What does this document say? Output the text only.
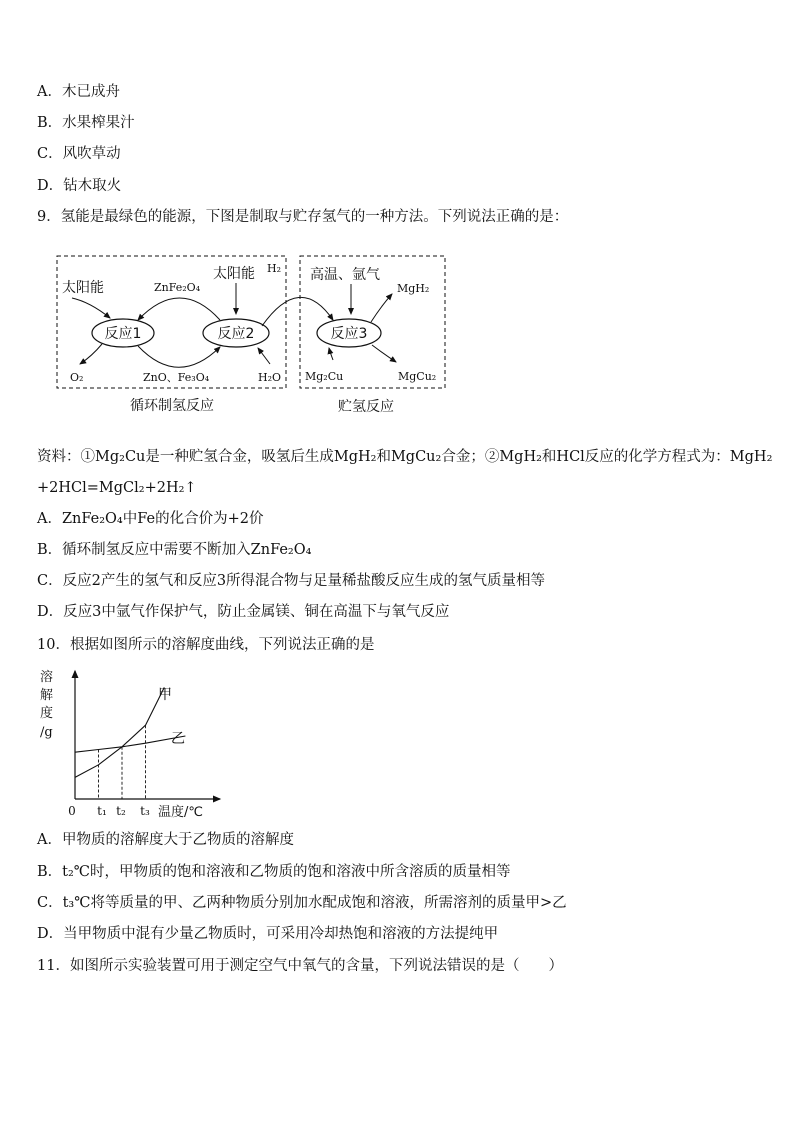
A．木已成舟
B．水果榨果汁
C．风吹草动
D．钻木取火
9．氢能是最绿色的能源，下图是制取与贮存氢气的一种方法。下列说法正确的是：
反应1	反应2	反应3
太阳能	ZnFe₂O₄
太阳能
O₂	ZnO、Fe₃O₄	H₂O
H₂ 高温、氩气
MgH₂
Mg₂Cu	MgCu₂
循环制氢反应	贮氢反应
资料：①Mg₂Cu是一种贮氢合金，吸氢后生成MgH₂和MgCu₂合金；②MgH₂和HCl反应的化学方程式为：MgH₂
+2HCl=MgCl₂+2H₂↑
A．ZnFe₂O₄中Fe的化合价为+2价
B．循环制氢反应中需要不断加入ZnFe₂O₄
C．反应2产生的氢气和反应3所得混合物与足量稀盐酸反应生成的氢气质量相等
D．反应3中氩气作保护气，防止金属镁、铜在高温下与氧气反应
10．根据如图所示的溶解度曲线，下列说法正确的是
溶
解
度
/g
0 t₁ t₂ t₃ 温度/℃
甲
乙
A．甲物质的溶解度大于乙物质的溶解度
B．t₂℃时，甲物质的饱和溶液和乙物质的饱和溶液中所含溶质的质量相等
C．t₃℃将等质量的甲、乙两种物质分别加水配成饱和溶液，所需溶剂的质量甲>乙
D．当甲物质中混有少量乙物质时，可采用冷却热饱和溶液的方法提纯甲
11．如图所示实验装置可用于测定空气中氧气的含量，下列说法错误的是（　　）
